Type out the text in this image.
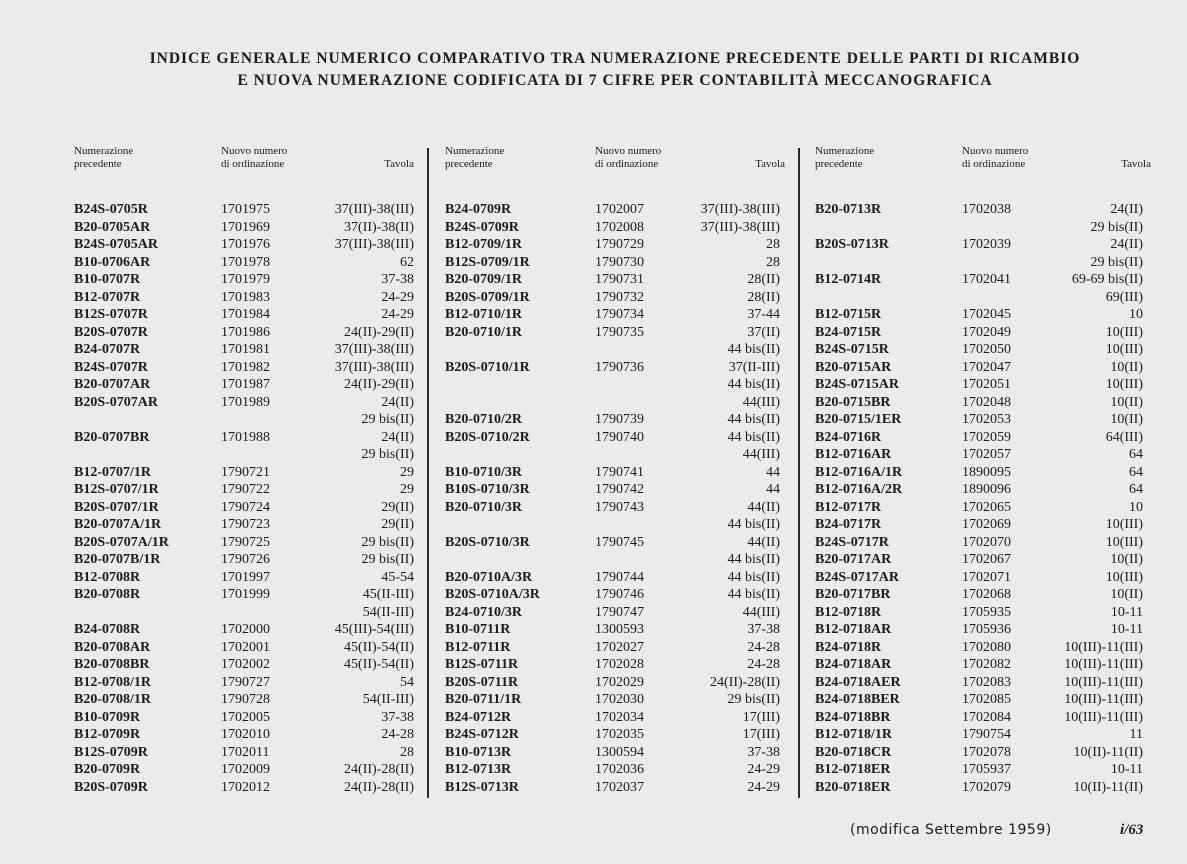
INDICE GENERALE NUMERICO COMPARATIVO TRA NUMERAZIONE PRECEDENTE DELLE PARTI DI RICAMBIO
E NUOVA NUMERAZIONE CODIFICATA DI 7 CIFRE PER CONTABILITÀ MECCANOGRAFICA
Numerazione
precedente
Nuovo numero
di ordinazione	Tavola
Numerazione
precedente
Nuovo numero
di ordinazione	Tavola
Numerazione
precedente
Nuovo numero
di ordinazione	Tavola
B24S-0705R	1701975	37(III)-38(III)
B20-0705AR	1701969	37(II)-38(II)
B24S-0705AR	1701976	37(III)-38(III)
B10-0706AR	1701978	62
B10-0707R	1701979	37-38
B12-0707R	1701983	24-29
B12S-0707R	1701984	24-29
B20S-0707R	1701986	24(II)-29(II)
B24-0707R	1701981	37(III)-38(III)
B24S-0707R	1701982	37(III)-38(III)
B20-0707AR	1701987	24(II)-29(II)
B20S-0707AR	1701989	24(II)
29 bis(II)
B20-0707BR	1701988	24(II)
29 bis(II)
B12-0707/1R	1790721	29
B12S-0707/1R	1790722	29
B20S-0707/1R	1790724	29(II)
B20-0707A/1R	1790723	29(II)
B20S-0707A/1R	1790725	29 bis(II)
B20-0707B/1R	1790726	29 bis(II)
B12-0708R	1701997	45-54
B20-0708R	1701999	45(II-III)
54(II-III)
B24-0708R	1702000	45(III)-54(III)
B20-0708AR	1702001	45(II)-54(II)
B20-0708BR	1702002	45(II)-54(II)
B12-0708/1R	1790727	54
B20-0708/1R	1790728	54(II-III)
B10-0709R	1702005	37-38
B12-0709R	1702010	24-28
B12S-0709R	1702011	28
B20-0709R	1702009	24(II)-28(II)
B20S-0709R	1702012	24(II)-28(II)
B24-0709R	1702007	37(III)-38(III)
B24S-0709R	1702008	37(III)-38(III)
B12-0709/1R	1790729	28
B12S-0709/1R	1790730	28
B20-0709/1R	1790731	28(II)
B20S-0709/1R	1790732	28(II)
B12-0710/1R	1790734	37-44
B20-0710/1R	1790735	37(II)
44 bis(II)
B20S-0710/1R	1790736	37(II-III)
44 bis(II)
44(III)
B20-0710/2R	1790739	44 bis(II)
B20S-0710/2R	1790740	44 bis(II)
44(III)
B10-0710/3R	1790741	44
B10S-0710/3R	1790742	44
B20-0710/3R	1790743	44(II)
44 bis(II)
B20S-0710/3R	1790745	44(II)
44 bis(II)
B20-0710A/3R	1790744	44 bis(II)
B20S-0710A/3R	1790746	44 bis(II)
B24-0710/3R	1790747	44(III)
B10-0711R	1300593	37-38
B12-0711R	1702027	24-28
B12S-0711R	1702028	24-28
B20S-0711R	1702029	24(II)-28(II)
B20-0711/1R	1702030	29 bis(II)
B24-0712R	1702034	17(III)
B24S-0712R	1702035	17(III)
B10-0713R	1300594	37-38
B12-0713R	1702036	24-29
B12S-0713R	1702037	24-29
B20-0713R	1702038	24(II)
29 bis(II)
B20S-0713R	1702039	24(II)
29 bis(II)
B12-0714R	1702041	69-69 bis(II)
69(III)
B12-0715R	1702045	10
B24-0715R	1702049	10(III)
B24S-0715R	1702050	10(III)
B20-0715AR	1702047	10(II)
B24S-0715AR	1702051	10(III)
B20-0715BR	1702048	10(II)
B20-0715/1ER	1702053	10(II)
B24-0716R	1702059	64(III)
B12-0716AR	1702057	64
B12-0716A/1R	1890095	64
B12-0716A/2R	1890096	64
B12-0717R	1702065	10
B24-0717R	1702069	10(III)
B24S-0717R	1702070	10(III)
B20-0717AR	1702067	10(II)
B24S-0717AR	1702071	10(III)
B20-0717BR	1702068	10(II)
B12-0718R	1705935	10-11
B12-0718AR	1705936	10-11
B24-0718R	1702080	10(III)-11(III)
B24-0718AR	1702082	10(III)-11(III)
B24-0718AER	1702083	10(III)-11(III)
B24-0718BER	1702085	10(III)-11(III)
B24-0718BR	1702084	10(III)-11(III)
B12-0718/1R	1790754	11
B20-0718CR	1702078	10(II)-11(II)
B12-0718ER	1705937	10-11
B20-0718ER	1702079	10(II)-11(II)
(modifica Settembre 1959)	i/63
